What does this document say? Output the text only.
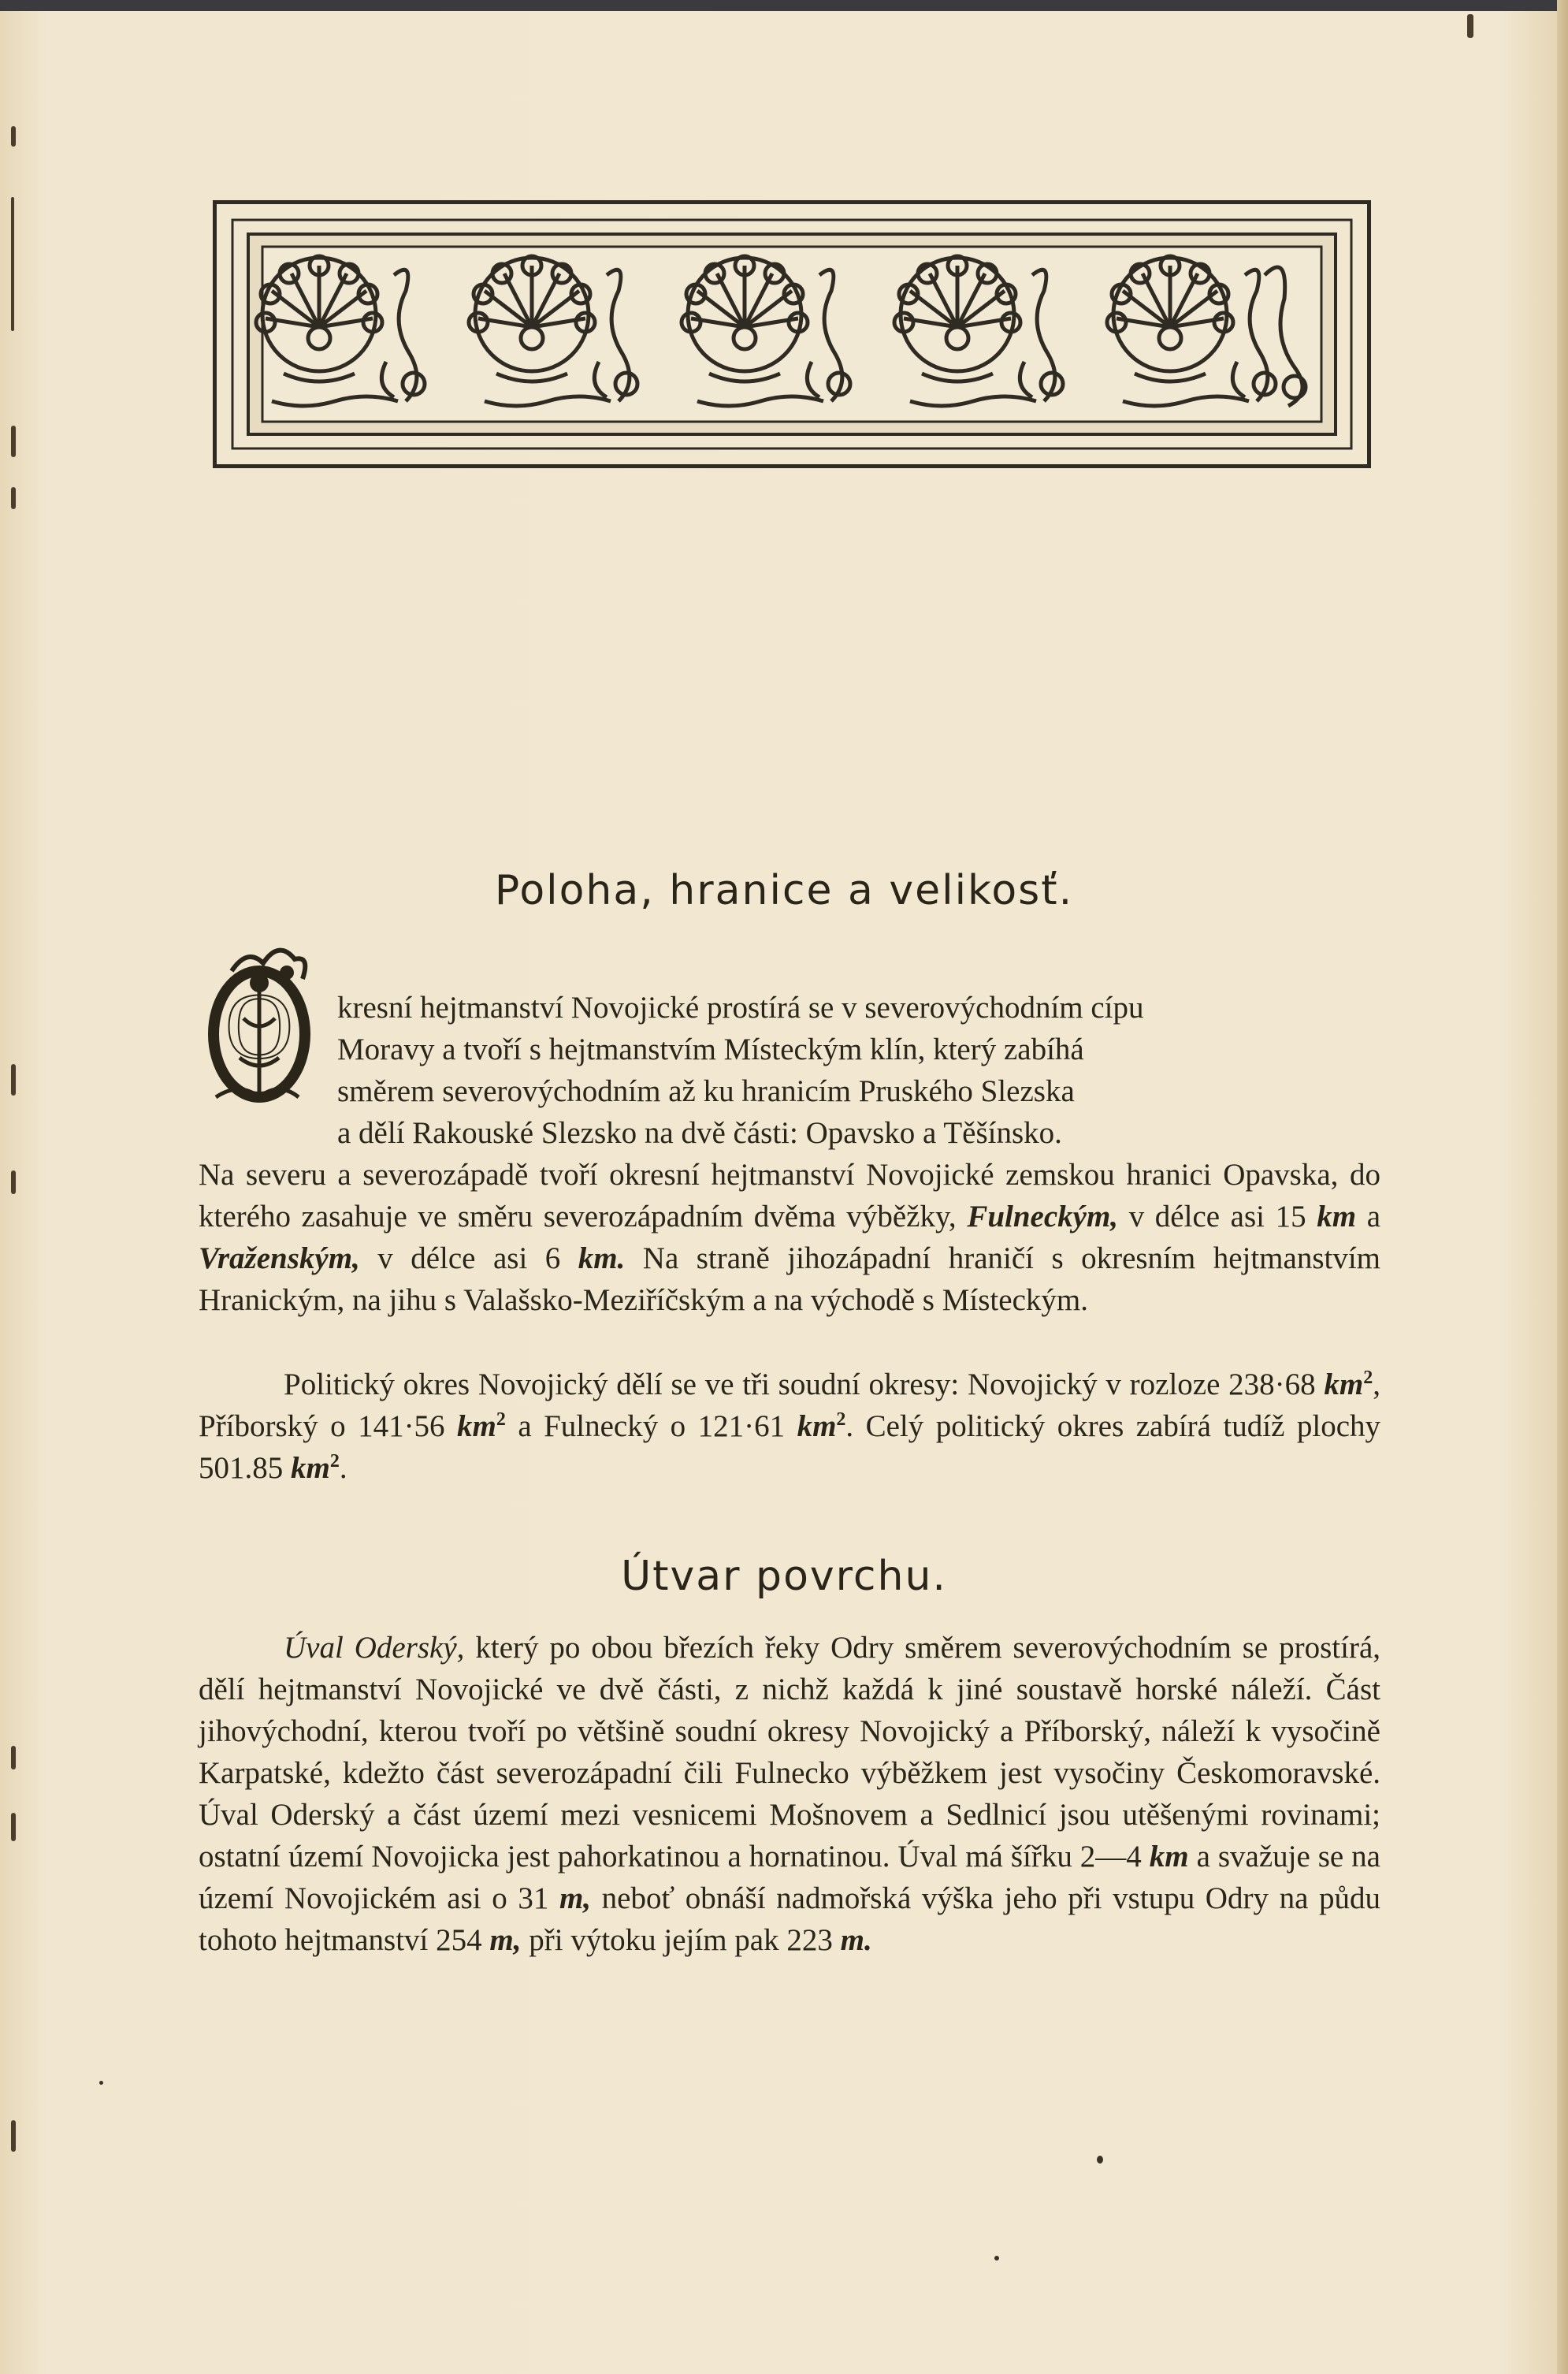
Poloha, hranice a velikosť.
O	kresní hejtmanství Novojické prostírá se v severovýchodním cípu
Moravy a tvoří s hejtmanstvím Místeckým klín, který zabíhá
směrem severovýchodním až ku hranicím Pruského Slezska
a dělí Rakouské Slezsko na dvě části: Opavsko a Těšínsko.
Na severu a severozápadě tvoří okresní hejtmanství Novojické zemskou hranici Opavska, do kterého zasahuje ve směru severozápadním dvěma výběžky, Fulneckým, v délce asi 15 km a Vraženským, v délce asi 6 km. Na straně jihozápadní hraničí s okresním hejtmanstvím Hranickým, na jihu s Valašsko-Meziříčským a na východě s Místeckým.

Politický okres Novojický dělí se ve tři soudní okresy: Novojický v rozloze 238·68 $km^2$, Příborský o 141·56 $km^2$ a Fulnecký o 121·61 $km^2$. Celý politický okres zabírá tudíž plochy 501.85 $km^2$.

Útvar povrchu.

Úval Oderský, který po obou březích řeky Odry směrem severovýchodním se prostírá, dělí hejtmanství Novojické ve dvě části, z nichž každá k jiné soustavě horské náleží. Část jihovýchodní, kterou tvoří po většině soudní okresy Novojický a Příborský, náleží k vysočině Karpatské, kdežto část severozápadní čili Fulnecko výběžkem jest vysočiny Českomoravské. Úval Oderský a část území mezi vesnicemi Mošnovem a Sedlnicí jsou utěšenými rovinami; ostatní území Novojicka jest pahorkatinou a hornatinou. Úval má šířku 2—4 km a svažuje se na území Novojickém asi o 31 m, neboť obnáší nadmořská výška jeho při vstupu Odry na půdu tohoto hejtmanství 254 m, při výtoku jejím pak 223 m.
